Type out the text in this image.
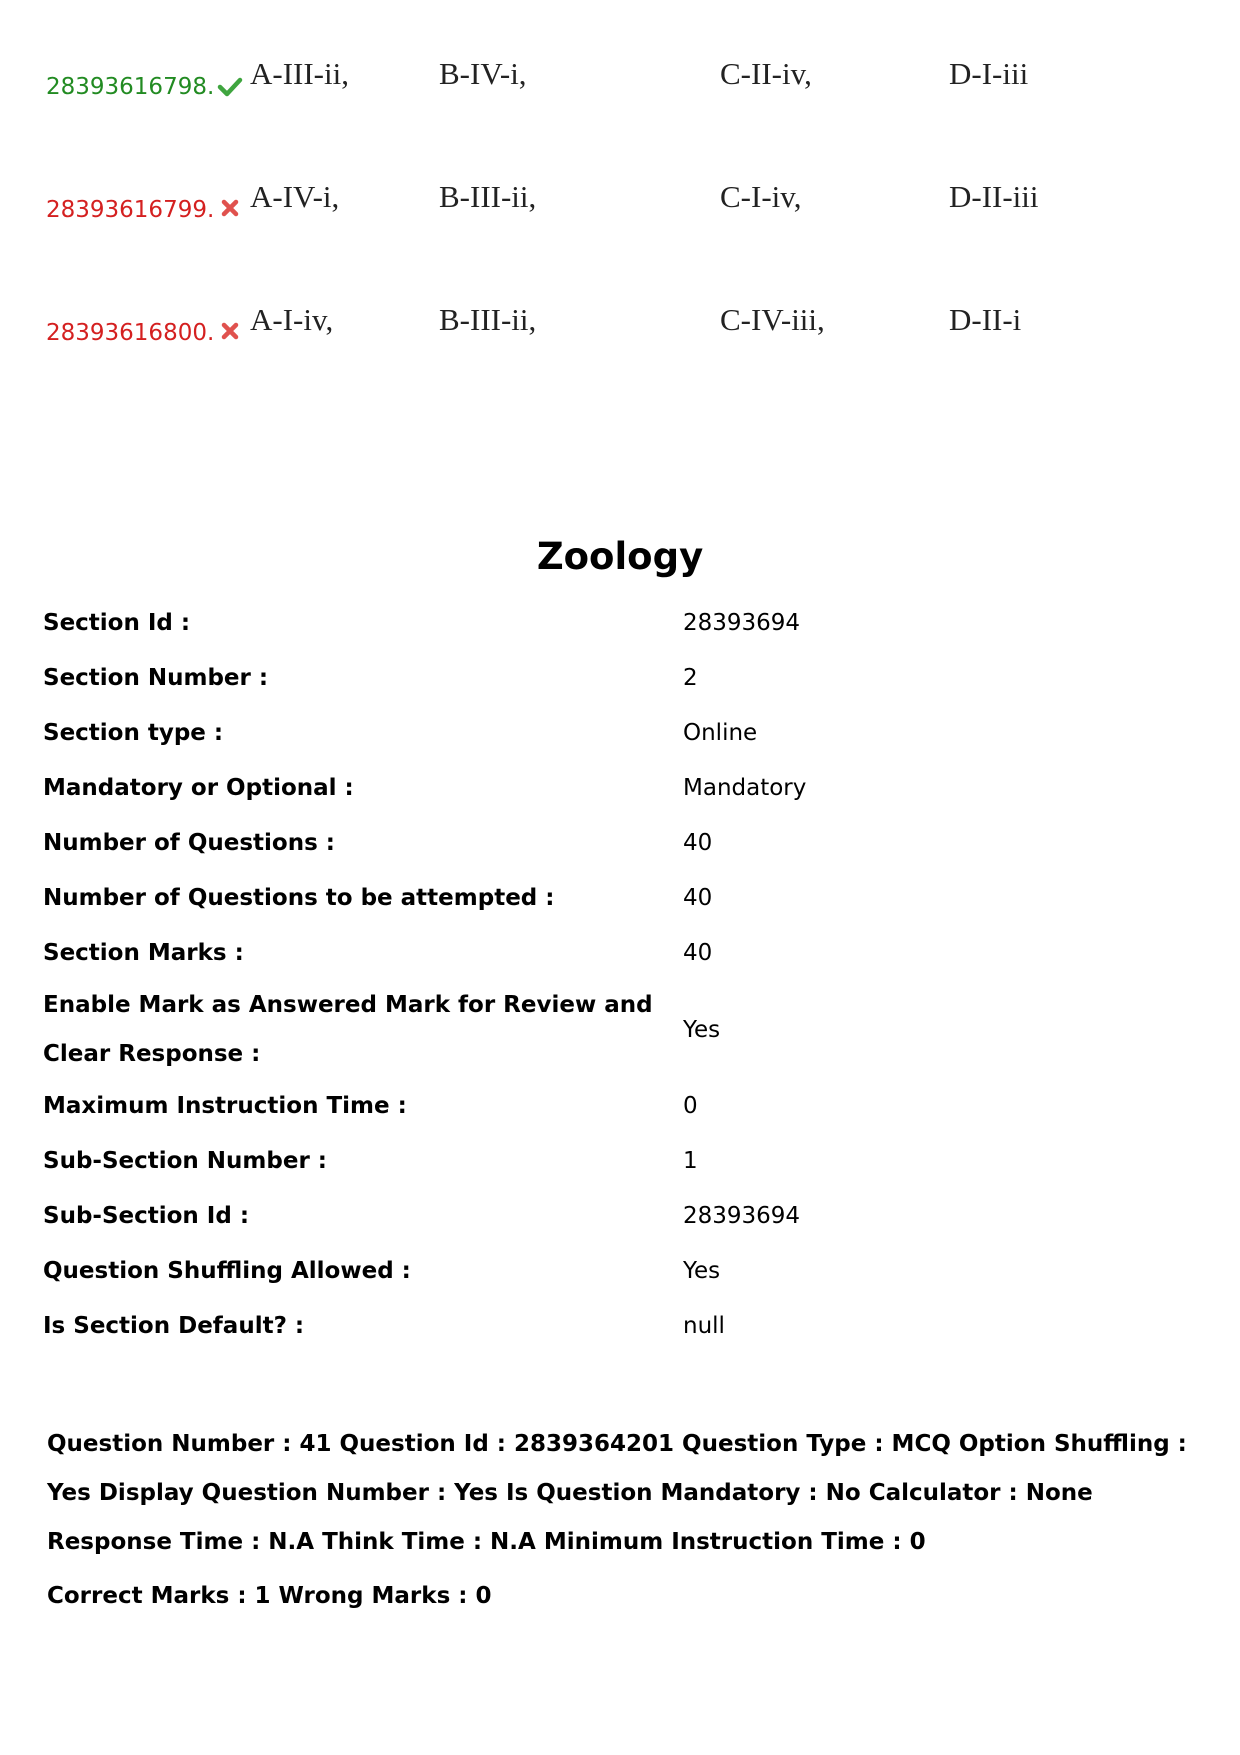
28393616798. A-III-ii,	B-IV-i,	C-II-iv,	D-I-iii
28393616799. A-IV-i,	B-III-ii,	C-I-iv,	D-II-iii
28393616800. A-I-iv,	B-III-ii,	C-IV-iii,	D-II-i
Zoology
Section Id :	28393694
Section Number :	2
Section type :	Online
Mandatory or Optional :	Mandatory
Number of Questions :	40
Number of Questions to be attempted :	40
Section Marks :	40
Enable Mark as Answered Mark for Review and Clear Response :
Yes
Maximum Instruction Time :	0
Sub-Section Number :	1
Sub-Section Id :	28393694
Question Shuffling Allowed :	Yes
Is Section Default? :	null

Question Number : 41 Question Id : 2839364201 Question Type : MCQ Option Shuffling : Yes Display Question Number : Yes Is Question Mandatory : No Calculator : None Response Time : N.A Think Time : N.A Minimum Instruction Time : 0

Correct Marks : 1 Wrong Marks : 0
